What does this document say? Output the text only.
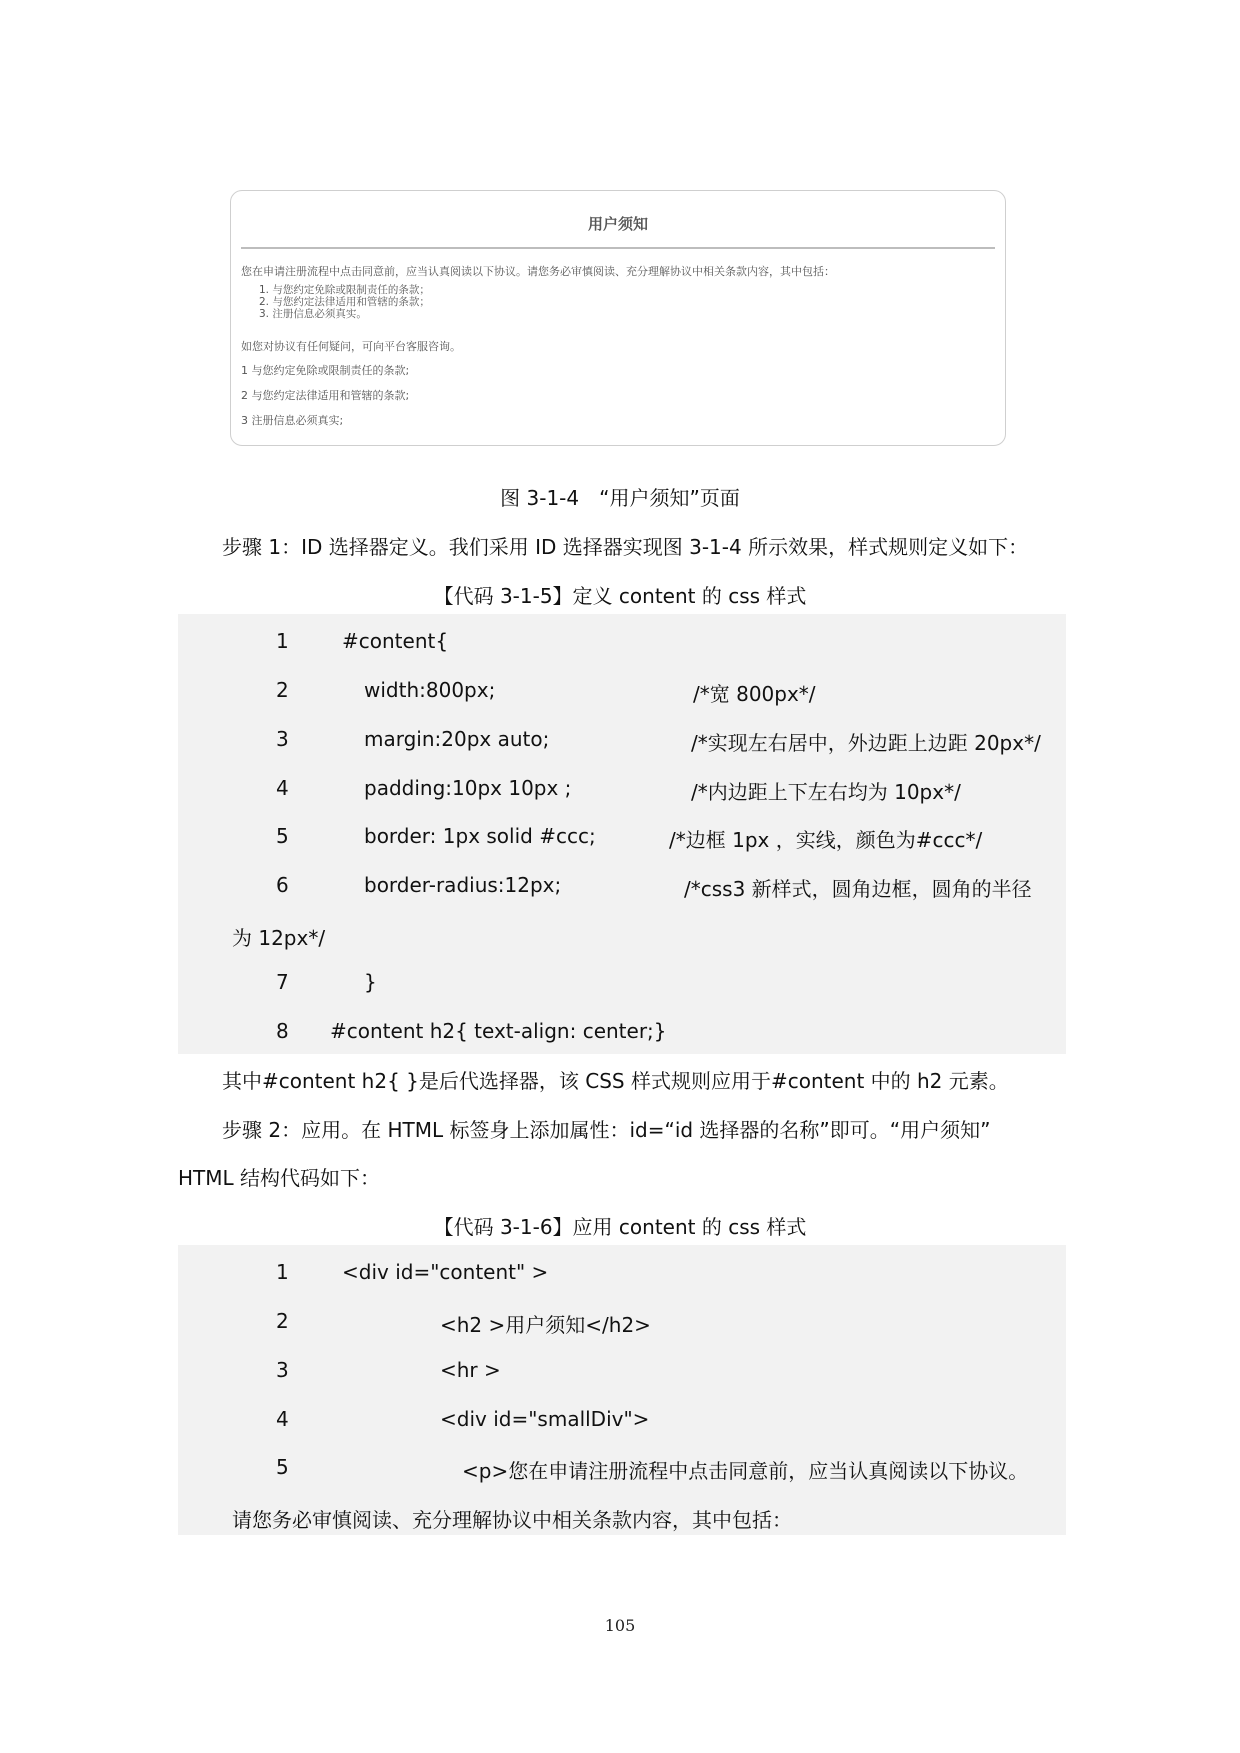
用户须知
您在申请注册流程中点击同意前，应当认真阅读以下协议。请您务必审慎阅读、充分理解协议中相关条款内容，其中包括：
1. 与您约定免除或限制责任的条款；
2. 与您约定法律适用和管辖的条款；
3. 注册信息必须真实。
如您对协议有任何疑问，可向平台客服咨询。
1 与您约定免除或限制责任的条款;
2 与您约定法律适用和管辖的条款;
3 注册信息必须真实;
图 3-1-4　“用户须知”页面
步骤 1：ID 选择器定义。我们采用 ID 选择器实现图 3-1-4 所示效果，样式规则定义如下：
【代码 3-1-5】定义 content 的 css 样式
1	#content{
2	width:800px;	/*宽 800px*/
3	margin:20px auto;	/*实现左右居中，外边距上边距 20px*/
4	padding:10px 10px ;	/*内边距上下左右均为 10px*/
5	border: 1px solid #ccc;	/*边框 1px ，实线，颜色为#ccc*/
6	border-radius:12px;	/*css3 新样式，圆角边框，圆角的半径
为 12px*/
7	}
8 #content h2{ text-align: center;}
其中#content h2{ }是后代选择器，该 CSS 样式规则应用于#content 中的 h2 元素。
步骤 2：应用。在 HTML 标签身上添加属性：id=“id 选择器的名称”即可。“用户须知”
HTML 结构代码如下：
【代码 3-1-6】应用 content 的 css 样式
1	<div id="content" >
2	<h2 >用户须知</h2>
3	<hr >
4	<div id="smallDiv">
5	<p>您在申请注册流程中点击同意前，应当认真阅读以下协议。
请您务必审慎阅读、充分理解协议中相关条款内容，其中包括：
105
